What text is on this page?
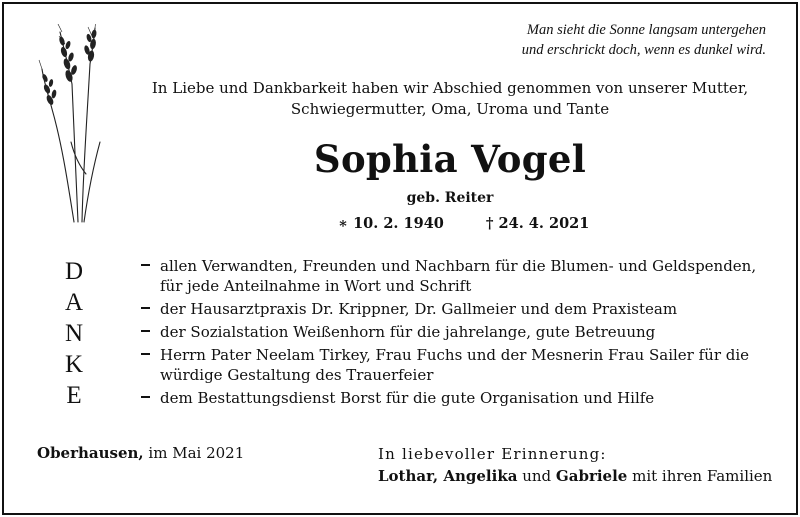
Man sieht die Sonne langsam untergehen
und erschrickt doch, wenn es dunkel wird.
In Liebe und Dankbarkeit haben wir Abschied genommen von unserer Mutter,
Schwiegermutter, Oma, Uroma und Tante
Sophia Vogel
geb. Reiter
∗ 10. 2. 1940	† 24. 4. 2021
D
A
N
K
E
allen Verwandten, Freunden und Nachbarn für die Blumen- und Geldspenden, für jede Anteilnahme in Wort und Schrift
der Hausarztpraxis Dr. Krippner, Dr. Gallmeier und dem Praxisteam
der Sozialstation Weißenhorn für die jahrelange, gute Betreuung
Herrn Pater Neelam Tirkey, Frau Fuchs und der Mesnerin Frau Sailer für die würdige Gestaltung des Trauerfeier
dem Bestattungsdienst Borst für die gute Organisation und Hilfe
Oberhausen, im Mai 2021	In liebevoller Erinnerung:
Lothar, Angelika und Gabriele mit ihren Familien
